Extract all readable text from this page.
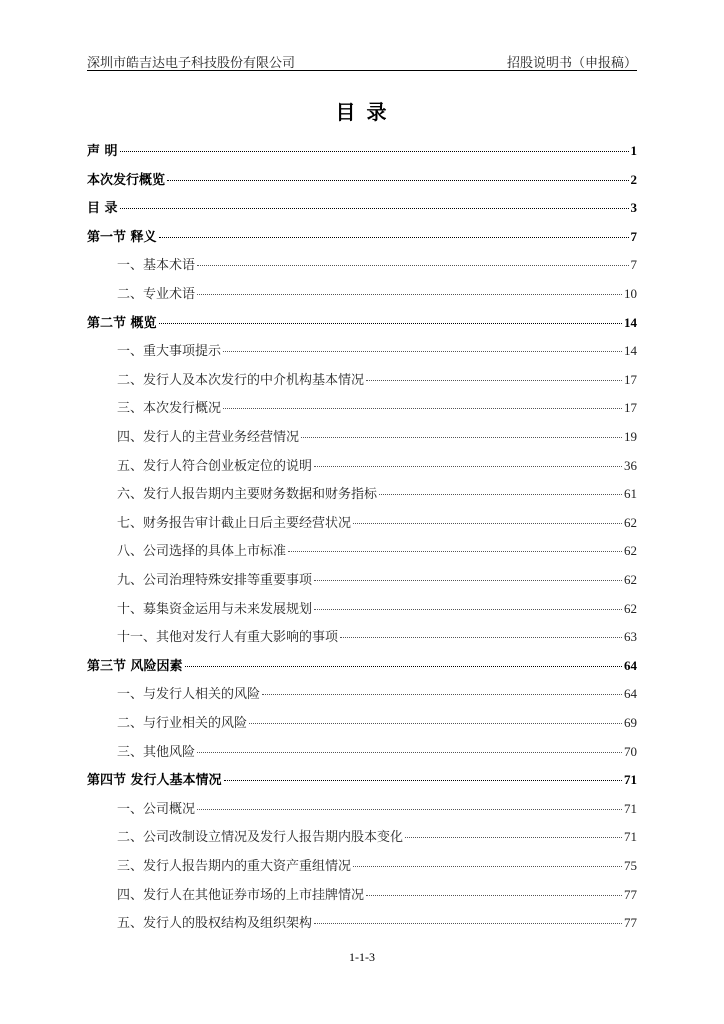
深圳市皓吉达电子科技股份有限公司	招股说明书（申报稿）
目 录
声 明	1
本次发行概览	2
目 录	3
第一节 释义	7
一、基本术语	7
二、专业术语	10
第二节 概览	14
一、重大事项提示	14
二、发行人及本次发行的中介机构基本情况	17
三、本次发行概况	17
四、发行人的主营业务经营情况	19
五、发行人符合创业板定位的说明	36
六、发行人报告期内主要财务数据和财务指标	61
七、财务报告审计截止日后主要经营状况	62
八、公司选择的具体上市标准	62
九、公司治理特殊安排等重要事项	62
十、募集资金运用与未来发展规划	62
十一、其他对发行人有重大影响的事项	63
第三节 风险因素	64
一、与发行人相关的风险	64
二、与行业相关的风险	69
三、其他风险	70
第四节 发行人基本情况	71
一、公司概况	71
二、公司改制设立情况及发行人报告期内股本变化	71
三、发行人报告期内的重大资产重组情况	75
四、发行人在其他证券市场的上市挂牌情况	77
五、发行人的股权结构及组织架构	77
1-1-3
